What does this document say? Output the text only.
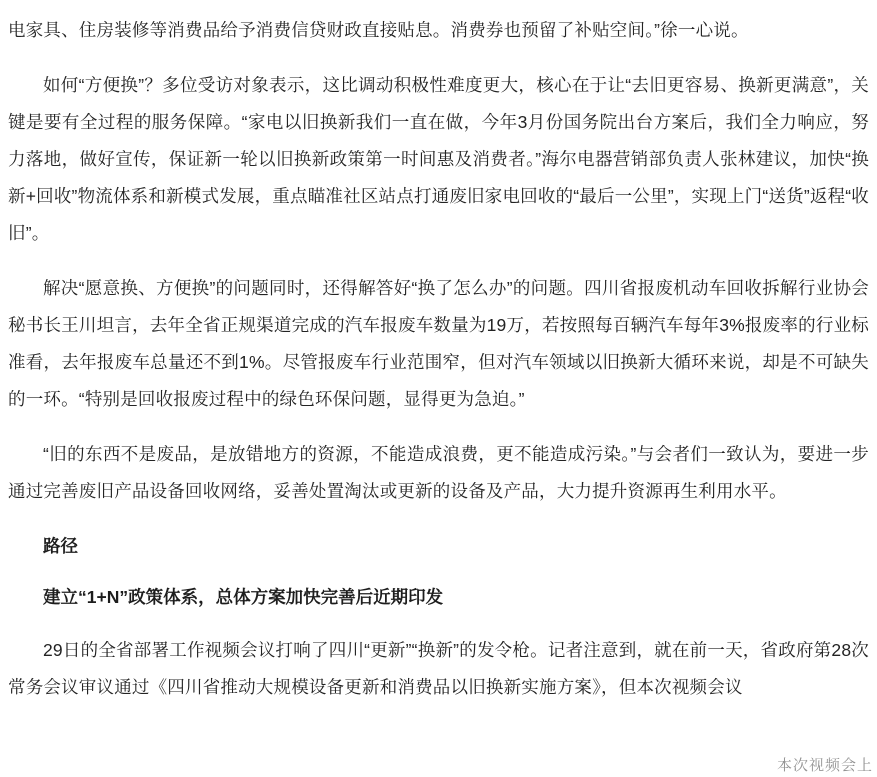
电家具、住房装修等消费品给予消费信贷财政直接贴息。消费券也预留了补贴空间。”徐一心说。

如何“方便换”？多位受访对象表示，这比调动积极性难度更大，核心在于让“去旧更容易、换新更满意”，关键是要有全过程的服务保障。“家电以旧换新我们一直在做，今年3月份国务院出台方案后，我们全力响应，努力落地，做好宣传，保证新一轮以旧换新政策第一时间惠及消费者。”海尔电器营销部负责人张林建议，加快“换新+回收”物流体系和新模式发展，重点瞄准社区站点打通废旧家电回收的“最后一公里”，实现上门“送货”返程“收旧”。

解决“愿意换、方便换”的问题同时，还得解答好“换了怎么办”的问题。四川省报废机动车回收拆解行业协会秘书长王川坦言，去年全省正规渠道完成的汽车报废车数量为19万，若按照每百辆汽车每年3%报废率的行业标准看，去年报废车总量还不到1%。尽管报废车行业范围窄，但对汽车领域以旧换新大循环来说，却是不可缺失的一环。“特别是回收报废过程中的绿色环保问题，显得更为急迫。”

“旧的东西不是废品，是放错地方的资源，不能造成浪费，更不能造成污染。”与会者们一致认为，要进一步通过完善废旧产品设备回收网络，妥善处置淘汰或更新的设备及产品，大力提升资源再生利用水平。

路径
建立“1+N”政策体系，总体方案加快完善后近期印发

29日的全省部署工作视频会议打响了四川“更新”“换新”的发令枪。记者注意到，就在前一天，省政府第28次常务会议审议通过《四川省推动大规模设备更新和消费品以旧换新实施方案》，但本次视频会议

本次视频会上
